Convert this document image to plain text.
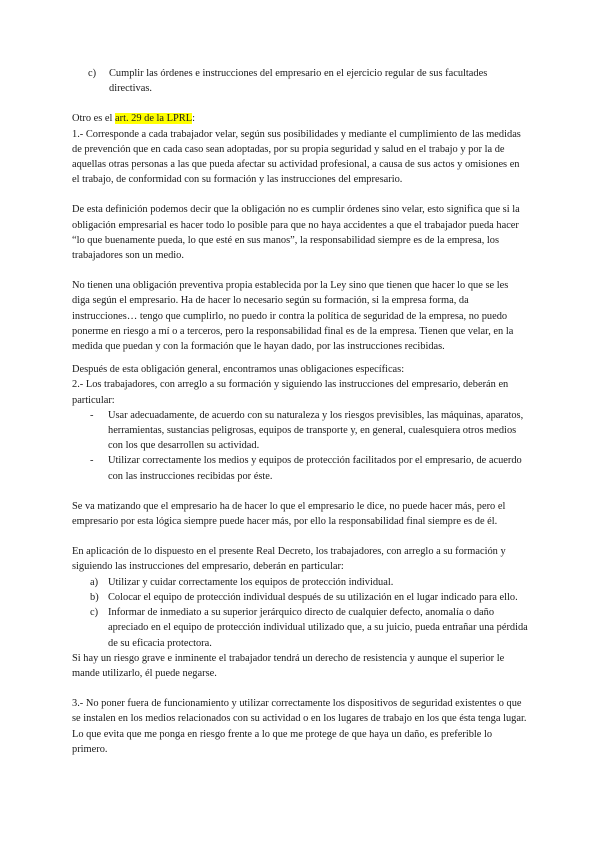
c)	Cumplir las órdenes e instrucciones del empresario en el ejercicio regular de sus facultades directivas.

Otro es el art. 29 de la LPRL:

1.- Corresponde a cada trabajador velar, según sus posibilidades y mediante el cumplimiento de las medidas de prevención que en cada caso sean adoptadas, por su propia seguridad y salud en el trabajo y por la de aquellas otras personas a las que pueda afectar su actividad profesional, a causa de sus actos y omisiones en el trabajo, de conformidad con su formación y las instrucciones del empresario.

De esta definición podemos decir que la obligación no es cumplir órdenes sino velar, esto significa que si la obligación empresarial es hacer todo lo posible para que no haya accidentes a que el trabajador pueda hacer “lo que buenamente pueda, lo que esté en sus manos”, la responsabilidad siempre es de la empresa, los trabajadores son un medio.

No tienen una obligación preventiva propia establecida por la Ley sino que tienen que hacer lo que se les diga según el empresario. Ha de hacer lo necesario según su formación, si la empresa forma, da instrucciones… tengo que cumplirlo, no puedo ir contra la política de seguridad de la empresa, no puedo ponerme en riesgo a mí o a terceros, pero la responsabilidad final es de la empresa. Tienen que velar, en la medida que puedan y con la formación que le hayan dado, por las instrucciones recibidas.

Después de esta obligación general, encontramos unas obligaciones específicas:

2.- Los trabajadores, con arreglo a su formación y siguiendo las instrucciones del empresario, deberán en particular:

-	Usar adecuadamente, de acuerdo con su naturaleza y los riesgos previsibles, las máquinas, aparatos, herramientas, sustancias peligrosas, equipos de transporte y, en general, cualesquiera otros medios con los que desarrollen su actividad.
-	Utilizar correctamente los medios y equipos de protección facilitados por el empresario, de acuerdo con las instrucciones recibidas por éste.

Se va matizando que el empresario ha de hacer lo que el empresario le dice, no puede hacer más, pero el empresario por esta lógica siempre puede hacer más, por ello la responsabilidad final siempre es de él.

En aplicación de lo dispuesto en el presente Real Decreto, los trabajadores, con arreglo a su formación y siguiendo las instrucciones del empresario, deberán en particular:

a) Utilizar y cuidar correctamente los equipos de protección individual.
b) Colocar el equipo de protección individual después de su utilización en el lugar indicado para ello.
c) Informar de inmediato a su superior jerárquico directo de cualquier defecto, anomalía o daño apreciado en el equipo de protección individual utilizado que, a su juicio, pueda entrañar una pérdida de su eficacia protectora.

Si hay un riesgo grave e inminente el trabajador tendrá un derecho de resistencia y aunque el superior le mande utilizarlo, él puede negarse.

3.- No poner fuera de funcionamiento y utilizar correctamente los dispositivos de seguridad existentes o que se instalen en los medios relacionados con su actividad o en los lugares de trabajo en los que ésta tenga lugar. Lo que evita que me ponga en riesgo frente a lo que me protege de que haya un daño, es preferible lo primero.
